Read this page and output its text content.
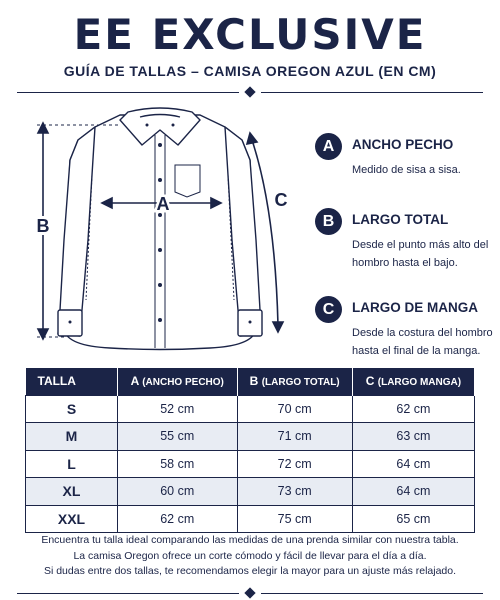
EE EXCLUSIVE
GUÍA DE TALLAS – CAMISA OREGON AZUL (EN CM)
A
B
C
A	ANCHO PECHO
Medido de sisa a sisa.
B	LARGO TOTAL
Desde el punto más alto del hombro hasta el bajo.
C	LARGO DE MANGA
Desde la costura del hombro hasta el final de la manga.
TALLA	A (ANCHO PECHO)	B (LARGO TOTAL)	C (LARGO MANGA)
S	52 cm	70 cm	62 cm
M	55 cm	71 cm	63 cm
L	58 cm	72 cm	64 cm
XL	60 cm	73 cm	64 cm
XXL	62 cm	75 cm	65 cm
Encuentra tu talla ideal comparando las medidas de una prenda similar con nuestra tabla.
La camisa Oregon ofrece un corte cómodo y fácil de llevar para el día a día.
Si dudas entre dos tallas, te recomendamos elegir la mayor para un ajuste más relajado.
